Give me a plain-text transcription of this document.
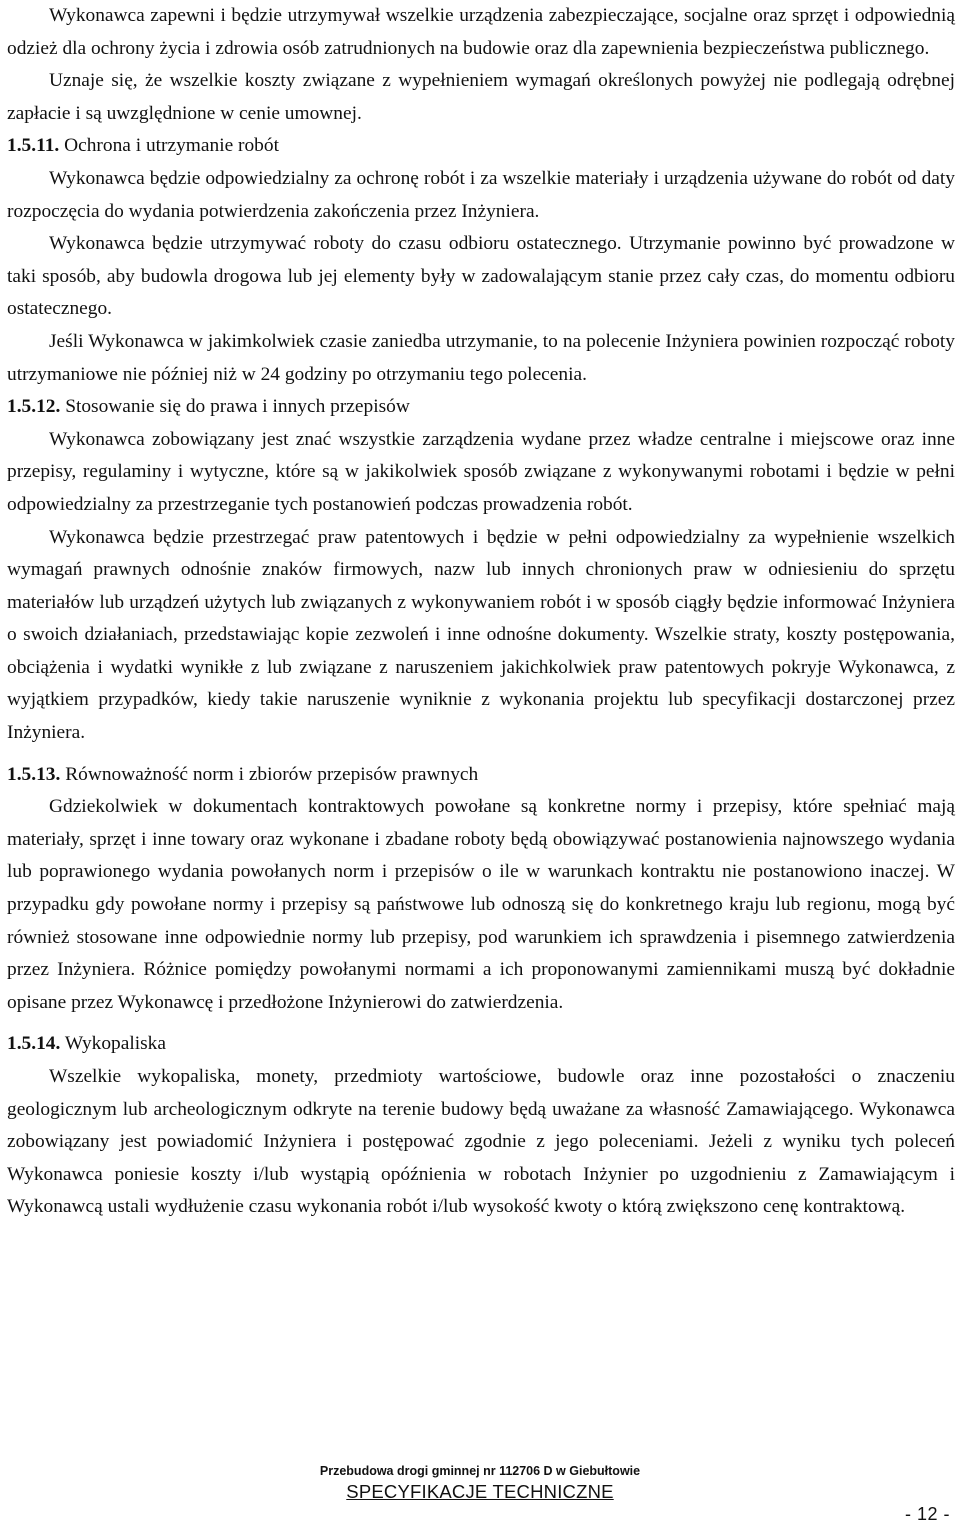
Wykonawca zapewni i będzie utrzymywał wszelkie urządzenia zabezpieczające, socjalne oraz sprzęt i odpowiednią odzież dla ochrony życia i zdrowia osób zatrudnionych na budowie oraz dla zapewnienia bezpieczeństwa publicznego.

Uznaje się, że wszelkie koszty związane z wypełnieniem wymagań określonych powyżej nie podlegają odrębnej zapłacie i są uwzględnione w cenie umownej.

1.5.11. Ochrona i utrzymanie robót

Wykonawca będzie odpowiedzialny za ochronę robót i za wszelkie materiały i urządzenia używane do robót od daty rozpoczęcia do wydania potwierdzenia zakończenia przez Inżyniera.

Wykonawca będzie utrzymywać roboty do czasu odbioru ostatecznego. Utrzymanie powinno być prowadzone w taki sposób, aby budowla drogowa lub jej elementy były w zadowalającym stanie przez cały czas, do momentu odbioru ostatecznego.

Jeśli Wykonawca w jakimkolwiek czasie zaniedba utrzymanie, to na polecenie Inżyniera powinien rozpocząć roboty utrzymaniowe nie później niż w 24 godziny po otrzymaniu tego polecenia.

1.5.12. Stosowanie się do prawa i innych przepisów

Wykonawca zobowiązany jest znać wszystkie zarządzenia wydane przez władze centralne i miejscowe oraz inne przepisy, regulaminy i wytyczne, które są w jakikolwiek sposób związane z wykonywanymi robotami i będzie w pełni odpowiedzialny za przestrzeganie tych postanowień podczas prowadzenia robót.

Wykonawca będzie przestrzegać praw patentowych i będzie w pełni odpowiedzialny za wypełnienie wszelkich wymagań prawnych odnośnie znaków firmowych, nazw lub innych chronionych praw w odniesieniu do sprzętu materiałów lub urządzeń użytych lub związanych z wykonywaniem robót i w sposób ciągły będzie informować Inżyniera o swoich działaniach, przedstawiając kopie zezwoleń i inne odnośne dokumenty. Wszelkie straty, koszty postępowania, obciążenia i wydatki wynikłe z lub związane z naruszeniem jakichkolwiek praw patentowych pokryje Wykonawca, z wyjątkiem przypadków, kiedy takie naruszenie wyniknie z wykonania projektu lub specyfikacji dostarczonej przez Inżyniera.

1.5.13. Równoważność norm i zbiorów przepisów prawnych

Gdziekolwiek w dokumentach kontraktowych powołane są konkretne normy i przepisy, które spełniać mają materiały, sprzęt i inne towary oraz wykonane i zbadane roboty będą obowiązywać postanowienia najnowszego wydania lub poprawionego wydania powołanych norm i przepisów o ile w warunkach kontraktu nie postanowiono inaczej. W przypadku gdy powołane normy i przepisy są państwowe lub odnoszą się do konkretnego kraju lub regionu, mogą być również stosowane inne odpowiednie normy lub przepisy, pod warunkiem ich sprawdzenia i pisemnego zatwierdzenia przez Inżyniera. Różnice pomiędzy powołanymi normami a ich proponowanymi zamiennikami muszą być dokładnie opisane przez Wykonawcę i przedłożone Inżynierowi do zatwierdzenia.

1.5.14. Wykopaliska

Wszelkie wykopaliska, monety, przedmioty wartościowe, budowle oraz inne pozostałości o znaczeniu geologicznym lub archeologicznym odkryte na terenie budowy będą uważane za własność Zamawiającego. Wykonawca zobowiązany jest powiadomić Inżyniera i postępować zgodnie z jego poleceniami. Jeżeli z wyniku tych poleceń Wykonawca poniesie koszty i/lub wystąpią opóźnienia w robotach Inżynier po uzgodnieniu z Zamawiającym i Wykonawcą ustali wydłużenie czasu wykonania robót i/lub wysokość kwoty o którą zwiększono cenę kontraktową.

Przebudowa drogi gminnej nr 112706 D w Giebułtowie
SPECYFIKACJE TECHNICZNE
- 12 -
